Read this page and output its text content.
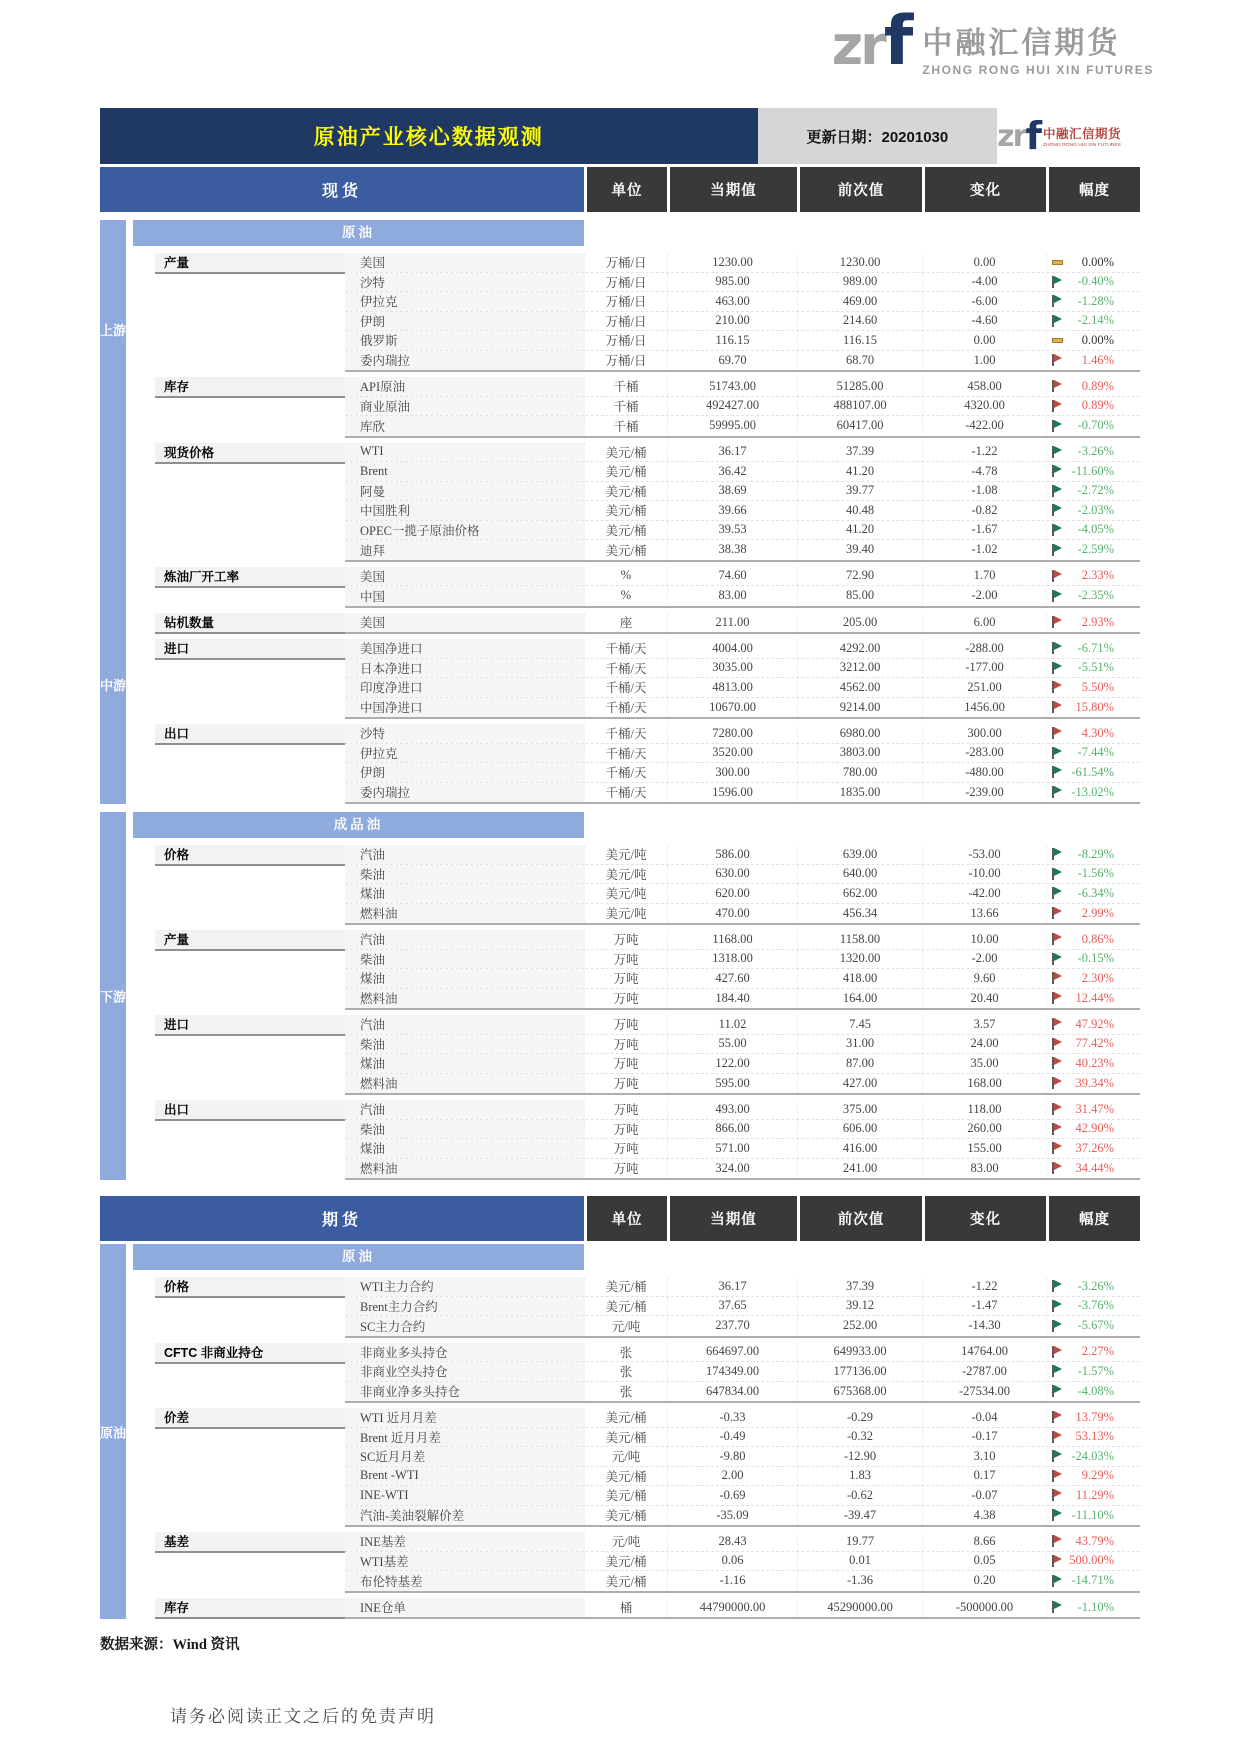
zrf 中融汇信期货
ZHONG RONG HUI XIN FUTURES
原油产业核心数据观测	更新日期：20201030	zr f 中融汇信期货
ZHONG RONG HUI XIN FUTURES
现货	单位	当期值	前次值	变化	幅度
上游
中游
原油
产量	美国	万桶/日	1230.00	1230.00	0.00	0.00%
沙特	万桶/日	985.00	989.00	-4.00	-0.40%
伊拉克	万桶/日	463.00	469.00	-6.00	-1.28%
伊朗	万桶/日	210.00	214.60	-4.60	-2.14%
俄罗斯	万桶/日	116.15	116.15	0.00	0.00%
委内瑞拉	万桶/日	69.70	68.70	1.00	1.46%
库存	API原油	千桶	51743.00	51285.00	458.00	0.89%
商业原油	千桶	492427.00	488107.00	4320.00	0.89%
库欣	千桶	59995.00	60417.00	-422.00	-0.70%
现货价格	WTI	美元/桶	36.17	37.39	-1.22	-3.26%
Brent	美元/桶	36.42	41.20	-4.78	-11.60%
阿曼	美元/桶	38.69	39.77	-1.08	-2.72%
中国胜利	美元/桶	39.66	40.48	-0.82	-2.03%
OPEC一揽子原油价格	美元/桶	39.53	41.20	-1.67	-4.05%
迪拜	美元/桶	38.38	39.40	-1.02	-2.59%
炼油厂开工率	美国	%	74.60	72.90	1.70	2.33%
中国	%	83.00	85.00	-2.00	-2.35%
钻机数量	美国	座	211.00	205.00	6.00	2.93%
进口	美国净进口	千桶/天	4004.00	4292.00	-288.00	-6.71%
日本净进口	千桶/天	3035.00	3212.00	-177.00	-5.51%
印度净进口	千桶/天	4813.00	4562.00	251.00	5.50%
中国净进口	千桶/天	10670.00	9214.00	1456.00	15.80%
出口	沙特	千桶/天	7280.00	6980.00	300.00	4.30%
伊拉克	千桶/天	3520.00	3803.00	-283.00	-7.44%
伊朗	千桶/天	300.00	780.00	-480.00	-61.54%
委内瑞拉	千桶/天	1596.00	1835.00	-239.00	-13.02%
下游
成品油
价格	汽油	美元/吨	586.00	639.00	-53.00	-8.29%
柴油	美元/吨	630.00	640.00	-10.00	-1.56%
煤油	美元/吨	620.00	662.00	-42.00	-6.34%
燃料油	美元/吨	470.00	456.34	13.66	2.99%
产量	汽油	万吨	1168.00	1158.00	10.00	0.86%
柴油	万吨	1318.00	1320.00	-2.00	-0.15%
煤油	万吨	427.60	418.00	9.60	2.30%
燃料油	万吨	184.40	164.00	20.40	12.44%
进口	汽油	万吨	11.02	7.45	3.57	47.92%
柴油	万吨	55.00	31.00	24.00	77.42%
煤油	万吨	122.00	87.00	35.00	40.23%
燃料油	万吨	595.00	427.00	168.00	39.34%
出口	汽油	万吨	493.00	375.00	118.00	31.47%
柴油	万吨	866.00	606.00	260.00	42.90%
煤油	万吨	571.00	416.00	155.00	37.26%
燃料油	万吨	324.00	241.00	83.00	34.44%
期货	单位	当期值	前次值	变化	幅度
原油
原油
价格	WTI主力合约	美元/桶	36.17	37.39	-1.22	-3.26%
Brent主力合约	美元/桶	37.65	39.12	-1.47	-3.76%
SC主力合约	元/吨	237.70	252.00	-14.30	-5.67%
CFTC 非商业持仓	非商业多头持仓	张	664697.00	649933.00	14764.00	2.27%
非商业空头持仓	张	174349.00	177136.00	-2787.00	-1.57%
非商业净多头持仓	张	647834.00	675368.00	-27534.00	-4.08%
价差	WTI 近月月差	美元/桶	-0.33	-0.29	-0.04	13.79%
Brent 近月月差	美元/桶	-0.49	-0.32	-0.17	53.13%
SC近月月差	元/吨	-9.80	-12.90	3.10	-24.03%
Brent -WTI	美元/桶	2.00	1.83	0.17	9.29%
INE-WTI	美元/桶	-0.69	-0.62	-0.07	11.29%
汽油-美油裂解价差	美元/桶	-35.09	-39.47	4.38	-11.10%
基差	INE基差	元/吨	28.43	19.77	8.66	43.79%
WTI基差	美元/桶	0.06	0.01	0.05	500.00%
布伦特基差	美元/桶	-1.16	-1.36	0.20	-14.71%
库存	INE仓单	桶	44790000.00	45290000.00	-500000.00	-1.10%
数据来源：Wind 资讯
请务必阅读正文之后的免责声明
